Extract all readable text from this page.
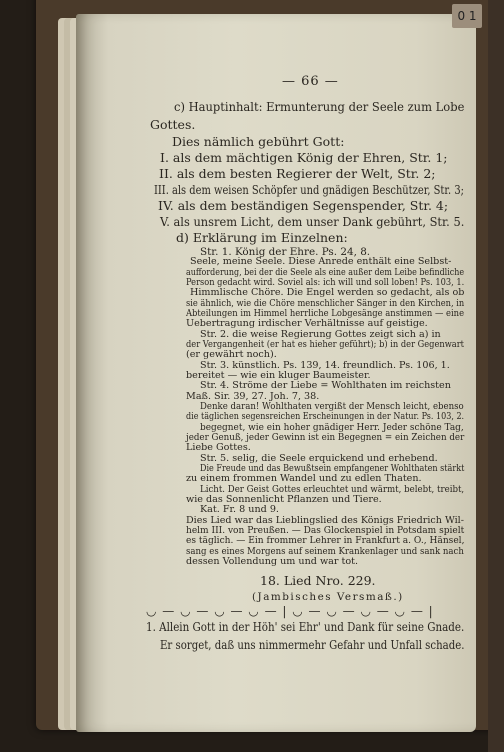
0 1
— 66 —
c) Hauptinhalt: Ermunterung der Seele zum Lobe
Gottes.
Dies nämlich gebührt Gott:
I. als dem mächtigen König der Ehren, Str. 1;
II. als dem besten Regierer der Welt, Str. 2;
III. als dem weisen Schöpfer und gnädigen Beschützer, Str. 3;
IV. als dem beständigen Segenspender, Str. 4;
V. als unsrem Licht, dem unser Dank gebührt, Str. 5.
d) Erklärung im Einzelnen:
Str. 1. König der Ehre. Ps. 24, 8.
Seele, meine Seele. Diese Anrede enthält eine Selbst-
aufforderung, bei der die Seele als eine außer dem Leibe befindliche
Person gedacht wird. Soviel als: ich will und soll loben! Ps. 103, 1.
Himmlische Chöre. Die Engel werden so gedacht, als ob
sie ähnlich, wie die Chöre menschlicher Sänger in den Kirchen, in
Abteilungen im Himmel herrliche Lobgesänge anstimmen — eine
Uebertragung irdischer Verhältnisse auf geistige.
Str. 2. die weise Regierung Gottes zeigt sich a) in
der Vergangenheit (er hat es hieher geführt); b) in der Gegenwart
(er gewährt noch).
Str. 3. künstlich. Ps. 139, 14. freundlich. Ps. 106, 1.
bereitet — wie ein kluger Baumeister.
Str. 4. Ströme der Liebe = Wohlthaten im reichsten
Maß. Sir. 39, 27. Joh. 7, 38.
Denke daran! Wohlthaten vergißt der Mensch leicht, ebenso
die täglichen segensreichen Erscheinungen in der Natur. Ps. 103, 2.
begegnet, wie ein hoher gnädiger Herr. Jeder schöne Tag,
jeder Genuß, jeder Gewinn ist ein Begegnen = ein Zeichen der
Liebe Gottes.
Str. 5. selig, die Seele erquickend und erhebend.
Die Freude und das Bewußtsein empfangener Wohlthaten stärkt
zu einem frommen Wandel und zu edlen Thaten.
Licht. Der Geist Gottes erleuchtet und wärmt, belebt, treibt,
wie das Sonnenlicht Pflanzen und Tiere.
Kat. Fr. 8 und 9.
Dies Lied war das Lieblingslied des Königs Friedrich Wil-
helm III. von Preußen. — Das Glockenspiel in Potsdam spielt
es täglich. — Ein frommer Lehrer in Frankfurt a. O., Hänsel,
sang es eines Morgens auf seinem Krankenlager und sank nach
dessen Vollendung um und war tot.
18. Lied Nro. 229.
(Jambisches Versmaß.)
◡ — ◡ — ◡ — ◡ — | ◡ — ◡ — ◡ — ◡ — |
1. Allein Gott in der Höh' sei Ehr' und Dank für seine Gnade.
Er sorget, daß uns nimmermehr Gefahr und Unfall schade.
